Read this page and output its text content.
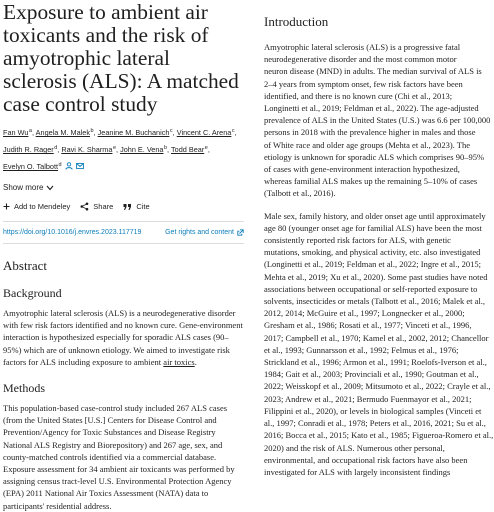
Exposure to ambient air toxicants and the risk of amyotrophic lateral sclerosis (ALS): A matched case control study
Fan Wu$^a$, Angela M. Malek$^b$, Jeanine M. Buchanich$^c$, Vincent C. Arena$^c$, Judith R. Rager$^d$, Ravi K. Sharma$^e$, John E. Vena$^b$, Todd Bear$^e$, Evelyn O. Talbott$^d$
Show more
Add to Mendeley	Share	Cite
https://doi.org/10.1016/j.envres.2023.117719	Get rights and content
Abstract
Background

Amyotrophic lateral sclerosis (ALS) is a neurodegenerative disorder with few risk factors identified and no known cure. Gene-environment interaction is hypothesized especially for sporadic ALS cases (90–95%) which are of unknown etiology. We aimed to investigate risk factors for ALS including exposure to ambient air toxics.

Methods

This population-based case-control study included 267 ALS cases (from the United States [U.S.] Centers for Disease Control and Prevention/Agency for Toxic Substances and Disease Registry National ALS Registry and Biorepository) and 267 age, sex, and county-matched controls identified via a commercial database. Exposure assessment for 34 ambient air toxicants was performed by assigning census tract-level U.S. Environmental Protection Agency (EPA) 2011 National Air Toxics Assessment (NATA) data to participants' residential address.

Introduction

Amyotrophic lateral sclerosis (ALS) is a progressive fatal
neurodegenerative disorder and the most common motor
neuron disease (MND) in adults. The median survival of ALS is
2–4 years from symptom onset, few risk factors have been
identified, and there is no known cure (Chi et al., 2013;
Longinetti et al., 2019; Feldman et al., 2022). The age-adjusted
prevalence of ALS in the United States (U.S.) was 6.6 per 100,000
persons in 2018 with the prevalence higher in males and those
of White race and older age groups (Mehta et al., 2023). The
etiology is unknown for sporadic ALS which comprises 90–95%
of cases with gene-environment interaction hypothesized,
whereas familial ALS makes up the remaining 5–10% of cases
(Talbott et al., 2016).

Male sex, family history, and older onset age until approximately
age 80 (younger onset age for familial ALS) have been the most
consistently reported risk factors for ALS, with genetic
mutations, smoking, and physical activity, etc. also investigated
(Longinetti et al., 2019; Feldman et al., 2022; Ingre et al., 2015;
Mehta et al., 2019; Xu et al., 2020). Some past studies have noted
associations between occupational or self-reported exposure to
solvents, insecticides or metals (Talbott et al., 2016; Malek et al.,
2012, 2014; McGuire et al., 1997; Longnecker et al., 2000;
Gresham et al., 1986; Rosati et al., 1977; Vinceti et al., 1996,
2017; Campbell et al., 1970; Kamel et al., 2002, 2012; Chancellor
et al., 1993; Gunnarsson et al., 1992; Felmus et al., 1976;
Strickland et al., 1996; Armon et al., 1991; Roelofs-Iverson et al.,
1984; Gait et al., 2003; Provinciali et al., 1990; Goutman et al.,
2022; Weisskopf et al., 2009; Mitsumoto et al., 2022; Crayle et al.,
2023; Andrew et al., 2021; Bermudo Fuenmayor et al., 2021;
Filippini et al., 2020), or levels in biological samples (Vinceti et
al., 1997; Conradi et al., 1978; Peters et al., 2016, 2021; Su et al.,
2016; Bocca et al., 2015; Kato et al., 1985; Figueroa-Romero et al.,
2020) and the risk of ALS. Numerous other personal,
environmental, and occupational risk factors have also been
investigated for ALS with largely inconsistent findings
